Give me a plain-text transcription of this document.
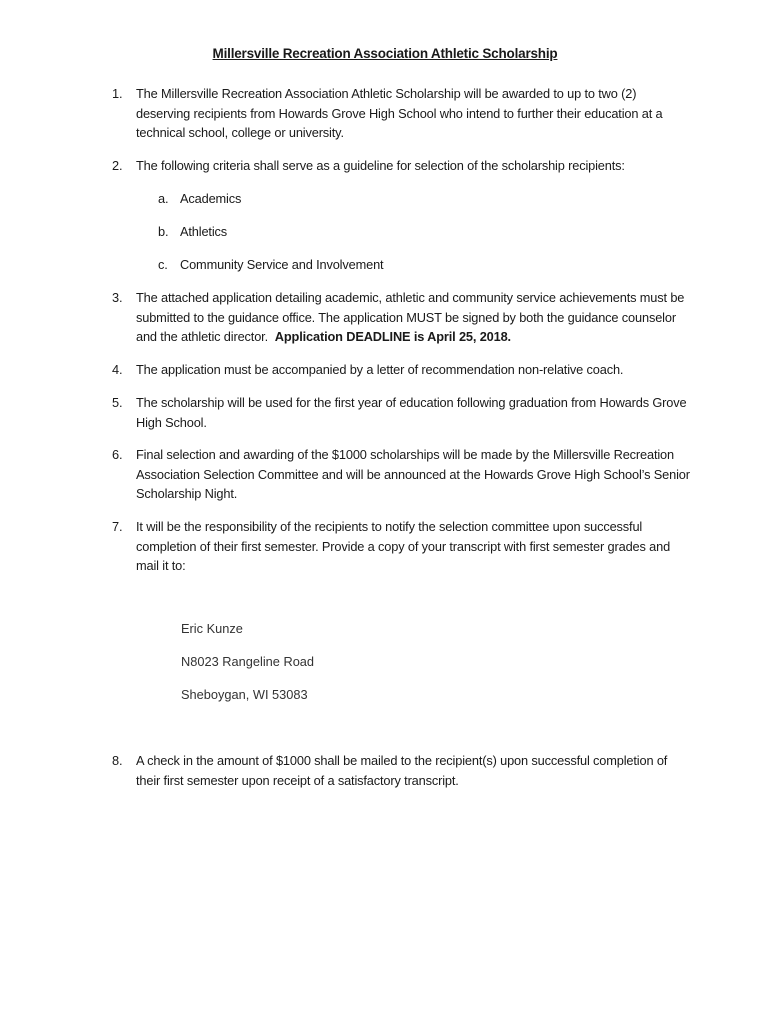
Millersville Recreation Association Athletic Scholarship
1.	The Millersville Recreation Association Athletic Scholarship will be awarded to up to two (2) deserving recipients from Howards Grove High School who intend to further their education at a technical school, college or university.
2.	The following criteria shall serve as a guideline for selection of the scholarship recipients:
a. Academics
b. Athletics
c. Community Service and Involvement
3.	The attached application detailing academic, athletic and community service achievements must be submitted to the guidance office. The application MUST be signed by both the guidance counselor and the athletic director. Application DEADLINE is April 25, 2018.
4.	The application must be accompanied by a letter of recommendation non-relative coach.
5.	The scholarship will be used for the first year of education following graduation from Howards Grove High School.
6.	Final selection and awarding of the $1000 scholarships will be made by the Millersville Recreation Association Selection Committee and will be announced at the Howards Grove High School’s Senior Scholarship Night.
7.	It will be the responsibility of the recipients to notify the selection committee upon successful completion of their first semester. Provide a copy of your transcript with first semester grades and mail it to:
Eric Kunze
N8023 Rangeline Road
Sheboygan, WI 53083
8.	A check in the amount of $1000 shall be mailed to the recipient(s) upon successful completion of their first semester upon receipt of a satisfactory transcript.
